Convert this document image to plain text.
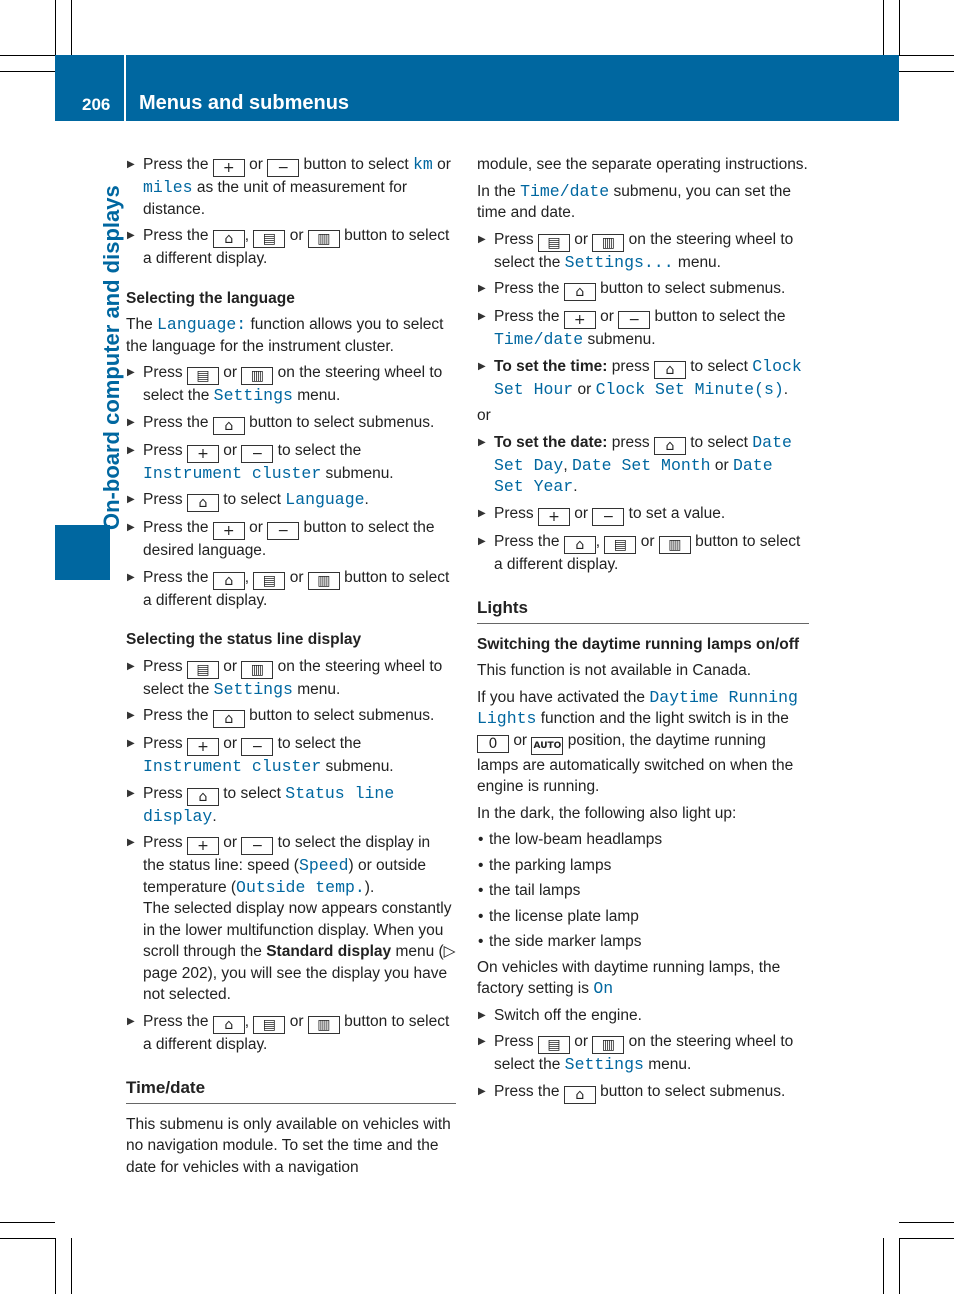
206 Menus and submenus
On-board computer and displays
▶ Press the + or − button to select km or miles as the unit of measurement for distance.
▶ Press the ⌂ , ▤ or ▥ button to select a different display.
Selecting the language

The Language: function allows you to select the language for the instrument cluster.

▶ Press ▤ or ▥ on the steering wheel to select the Settings menu.
▶ Press the ⌂ button to select submenus.
▶ Press + or − to select the Instrument cluster submenu.
▶ Press ⌂ to select Language.
▶ Press the + or − button to select the desired language.
▶ Press the ⌂ , ▤ or ▥ button to select a different display.
Selecting the status line display
▶ Press ▤ or ▥ on the steering wheel to select the Settings menu.
▶ Press the ⌂ button to select submenus.
▶ Press + or − to select the Instrument cluster submenu.
▶ Press ⌂ to select Status line display.
▶ Press + or − to select the display in the status line: speed (Speed) or outside temperature (Outside temp.).
The selected display now appears constantly in the lower multifunction display. When you scroll through the Standard display menu (▷ page 202), you will see the display you have not selected.
▶ Press the ⌂ , ▤ or ▥ button to select a different display.
Time/date

This submenu is only available on vehicles with no navigation module. To set the time and the date for vehicles with a navigation

module, see the separate operating instructions.

In the Time/date submenu, you can set the time and date.

▶ Press ▤ or ▥ on the steering wheel to select the Settings... menu.
▶ Press the ⌂ button to select submenus.
▶ Press the + or − button to select the Time/date submenu.
▶ To set the time: press ⌂ to select Clock Set Hour or Clock Set Minute(s).

or

▶ To set the date: press ⌂ to select Date Set Day, Date Set Month or Date Set Year.
▶ Press + or − to set a value.
▶ Press the ⌂ , ▤ or ▥ button to select a different display.
Lights
Switching the daytime running lamps on/off

This function is not available in Canada.

If you have activated the Daytime Running Lights function and the light switch is in the 0 or AUTO position, the daytime running lamps are automatically switched on when the engine is running.

In the dark, the following also light up:

• the low-beam headlamps
• the parking lamps
• the tail lamps
• the license plate lamp
• the side marker lamps

On vehicles with daytime running lamps, the factory setting is On

▶ Switch off the engine.
▶ Press ▤ or ▥ on the steering wheel to select the Settings menu.
▶ Press the ⌂ button to select submenus.
